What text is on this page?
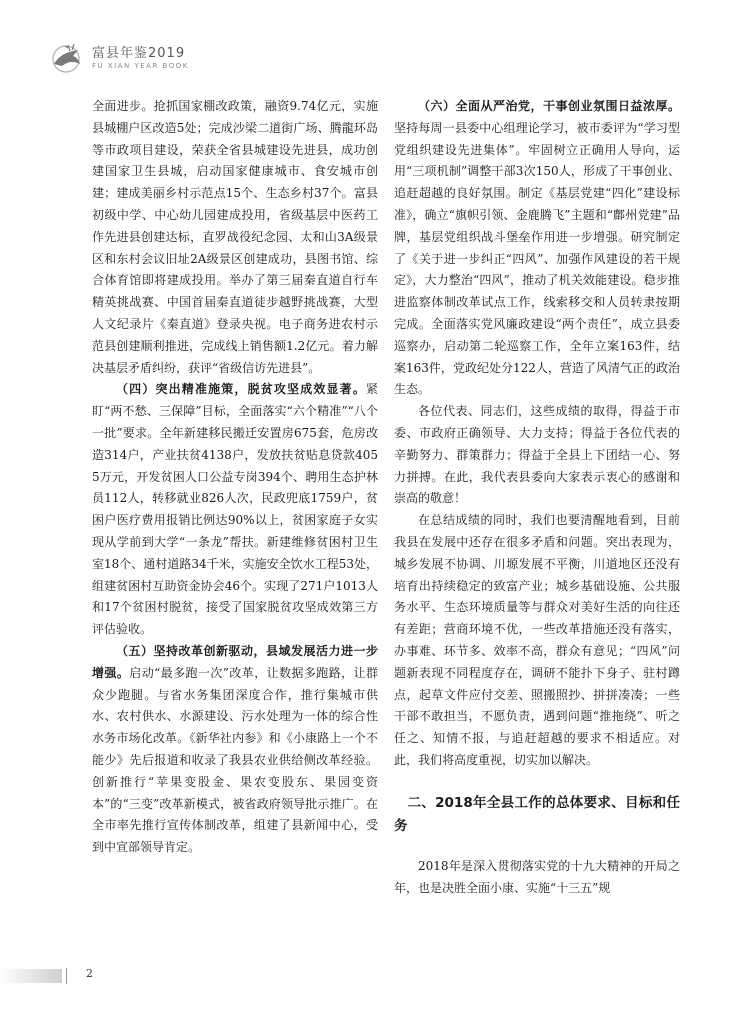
富县年鉴2019
FU XIAN YEAR BOOK

全面进步。抢抓国家棚改政策，融资9.74亿元，实施县城棚户区改造5处；完成沙梁二道街广场、腾龍环岛等市政项目建设，荣获全省县城建设先进县，成功创建国家卫生县城，启动国家健康城市、食安城市创建；建成美丽乡村示范点15个、生态乡村37个。富县初级中学、中心幼儿园建成投用，省级基层中医药工作先进县创建达标，直罗战役纪念园、太和山3A级景区和东村会议旧址2A级景区创建成功，县图书馆、综合体育馆即将建成投用。举办了第三届秦直道自行车精英挑战赛、中国首届秦直道徒步越野挑战赛，大型人文纪录片《秦直道》登录央视。电子商务进农村示范县创建顺利推进，完成线上销售额1.2亿元。着力解决基层矛盾纠纷，获评“省级信访先进县”。

（四）突出精准施策，脱贫攻坚成效显著。紧盯“两不愁、三保障”目标，全面落实“六个精准”“八个一批”要求。全年新建移民搬迁安置房675套，危房改造314户，产业扶贫4138户，发放扶贫贴息贷款4055万元，开发贫困人口公益专岗394个、聘用生态护林员112人，转移就业826人次，民政兜底1759户，贫困户医疗费用报销比例达90%以上，贫困家庭子女实现从学前到大学“一条龙”帮扶。新建维修贫困村卫生室18个、通村道路34千米，实施安全饮水工程53处，组建贫困村互助资金协会46个。实现了271户1013人和17个贫困村脱贫，接受了国家脱贫攻坚成效第三方评估验收。

（五）坚持改革创新驱动，县域发展活力进一步增强。启动“最多跑一次”改革，让数据多跑路，让群众少跑腿。与省水务集团深度合作，推行集城市供水、农村供水、水源建设、污水处理为一体的综合性水务市场化改革。《新华社内参》和《小康路上一个不能少》先后报道和收录了我县农业供给侧改革经验。创新推行“苹果变股金、果农变股东、果园变资本”的“三变”改革新模式，被省政府领导批示推广。在全市率先推行宣传体制改革，组建了县新闻中心，受到中宣部领导肯定。

（六）全面从严治党，干事创业氛围日益浓厚。坚持每周一县委中心组理论学习，被市委评为“学习型党组织建设先进集体”。牢固树立正确用人导向，运用“三项机制”调整干部3次150人，形成了干事创业、追赶超越的良好氛围。制定《基层党建“四化”建设标准》，确立“旗帜引领、金鹿腾飞”主题和“鄜州党建”品牌，基层党组织战斗堡垒作用进一步增强。研究制定了《关于进一步纠正“四风”、加强作风建设的若干规定》，大力整治“四风”，推动了机关效能建设。稳步推进监察体制改革试点工作，线索移交和人员转隶按期完成。全面落实党风廉政建设“两个责任”，成立县委巡察办，启动第二轮巡察工作，全年立案163件，结案163件，党政纪处分122人，营造了风清气正的政治生态。

各位代表、同志们，这些成绩的取得，得益于市委、市政府正确领导、大力支持；得益于各位代表的辛勤努力、群策群力；得益于全县上下团结一心、努力拼搏。在此，我代表县委向大家表示衷心的感谢和崇高的敬意！

在总结成绩的同时，我们也要清醒地看到，目前我县在发展中还存在很多矛盾和问题。突出表现为，城乡发展不协调、川塬发展不平衡，川道地区还没有培育出持续稳定的致富产业；城乡基础设施、公共服务水平、生态环境质量等与群众对美好生活的向往还有差距；营商环境不优，一些改革措施还没有落实，办事难、环节多、效率不高，群众有意见；“四风”问题新表现不同程度存在，调研不能扑下身子、驻村蹲点，起草文件应付交差、照搬照抄、拼拼凑凑；一些干部不敢担当，不愿负责，遇到问题“推拖绕”、听之任之、知情不报，与追赶超越的要求不相适应。对此，我们将高度重视，切实加以解决。

二、2018年全县工作的总体要求、目标和任务

2018年是深入贯彻落实党的十九大精神的开局之年，也是决胜全面小康、实施“十三五”规

2
